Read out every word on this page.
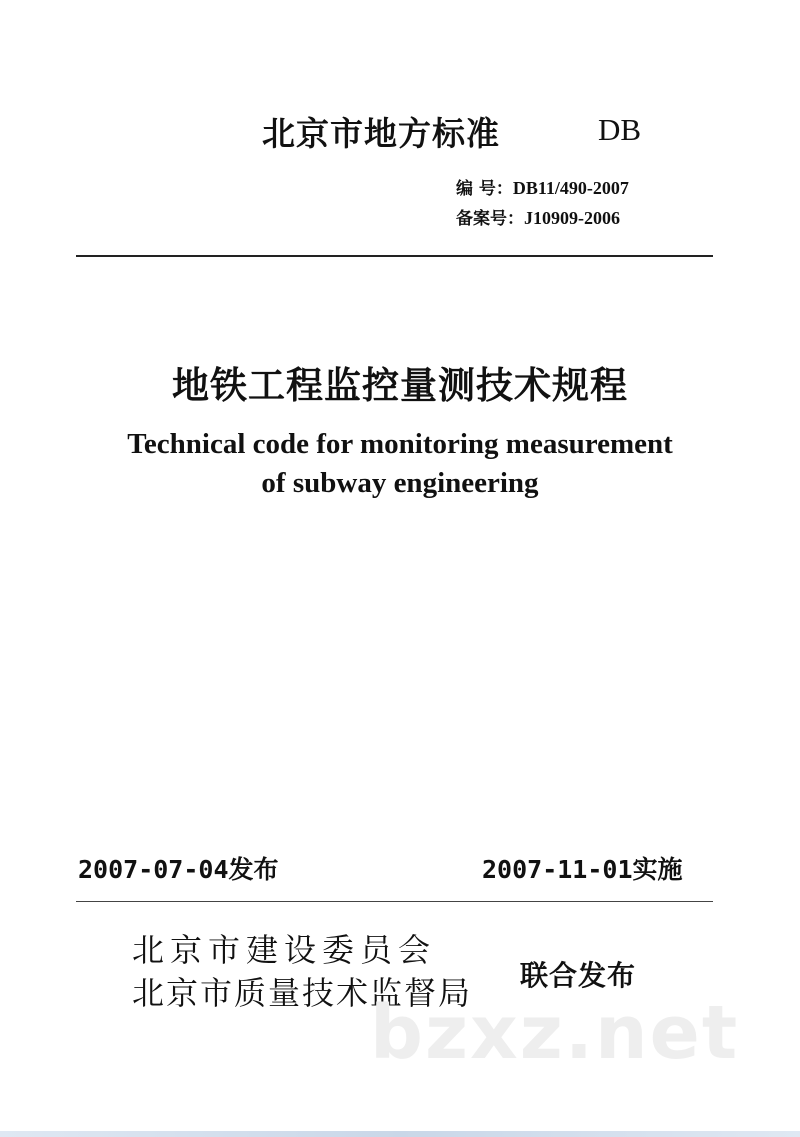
北京市地方标准	DB
编 号：DB11/490-2007
备案号：J10909-2006
地铁工程监控量测技术规程
Technical code for monitoring measurement
of subway engineering
2007-07-04发布	2007-11-01实施
北京市建设委员会
北京市质量技术监督局 联合发布
bzxz.net
